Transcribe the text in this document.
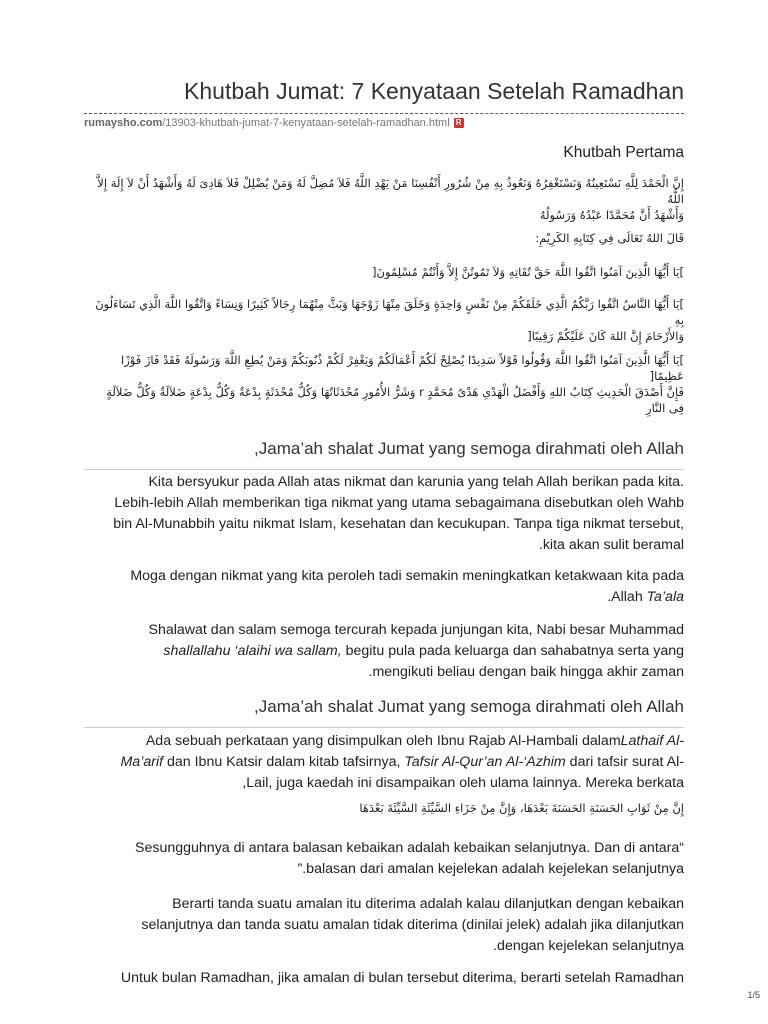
Khutbah Jumat: 7 Kenyataan Setelah Ramadhan
rumaysho.com /13903-khutbah-jumat-7-kenyataan-setelah-ramadhan.html R
Khutbah Pertama

إِنَّ الْحَمْدَ لِلَّهِ نَسْتَعِينُهُ وَنَسْتَغْفِرُهُ وَنَعُوذُ بِهِ مِنْ شُرُورِ أَنْفُسِنَا مَنْ يَهْدِ اللَّهُ فَلاَ مُضِلَّ لَهُ وَمَنْ يُضْلِلْ فَلاَ هَادِىَ لَهُ وَأَشْهَدُ أَنْ لاَ إِلَهَ إِلاَّ اللَّهُ

وَأَشْهَدُ أَنَّ مُحَمَّدًا عَبْدُهُ وَرَسُولُهُ

قَالَ اللهُ تَعَالَى فِي كِتَابِهِ الكَرِيْمِ:

]يَا أَيُّهَا الَّذِينَ آمَنُوا اتَّقُوا اللَّهَ حَقَّ تُقَاتِهِ وَلاَ تَمُوتُنَّ إِلاَّ وَأَنْتُمْ مُسْلِمُونَ[

]يَا أَيُّهَا النَّاسُ اتَّقُوا رَبَّكُمُ الَّذِي خَلَقَكُمْ مِنْ نَفْسٍ وَاحِدَةٍ وَخَلَقَ مِنْهَا زَوْجَهَا وَبَثَّ مِنْهُمَا رِجَالاً كَثِيرًا وَنِسَاءً وَاتَّقُوا اللَّهَ الَّذِي تَسَاءَلُونَ بِهِ

وَالأَرْحَامَ إِنَّ اللهَ كَانَ عَلَيْكُمْ رَقِيبًا[

]يَا أَيُّهَا الَّذِينَ آمَنُوا اتَّقُوا اللَّهَ وَقُولُوا قَوْلاً سَدِيدًا يُصْلِحْ لَكُمْ أَعْمَالَكُمْ وَيَغْفِرْ لَكُمْ ذُنُوبَكُمْ وَمَنْ يُطِعِ اللَّهَ وَرَسُولَهُ فَقَدْ فَازَ فَوْزًا عَظِيمًا[

فَإِنَّ أَصْدَقَ الْحَدِيثِ كِتَابُ اللهِ وَأَفْضَلُ الْهَدْىِ هَدْىُ مُحَمَّدٍ r وَشَرُّ الأُمُورِ مُحْدَثَاتُهَا وَكُلُّ مُحْدَثَةٍ بِدْعَةٌ وَكُلُّ بِدْعَةٍ ضَلاَلَةٌ وَكُلُّ ضَلاَلَةٍ

فِى النَّارِ

,Jama’ah shalat Jumat yang semoga dirahmati oleh Allah

Kita bersyukur pada Allah atas nikmat dan karunia yang telah Allah berikan pada kita.
Lebih-lebih Allah memberikan tiga nikmat yang utama sebagaimana disebutkan oleh Wahb
bin Al-Munabbih yaitu nikmat Islam, kesehatan dan kecukupan. Tanpa tiga nikmat tersebut,
.kita akan sulit beramal

Moga dengan nikmat yang kita peroleh tadi semakin meningkatkan ketakwaan kita pada
.Allah Ta’ala

Shalawat dan salam semoga tercurah kepada junjungan kita, Nabi besar Muhammad
shallallahu ‘alaihi wa sallam, begitu pula pada keluarga dan sahabatnya serta yang
.mengikuti beliau dengan baik hingga akhir zaman

,Jama’ah shalat Jumat yang semoga dirahmati oleh Allah

Ada sebuah perkataan yang disimpulkan oleh Ibnu Rajab Al-Hambali dalamLathaif Al-
Ma’arif dan Ibnu Katsir dalam kitab tafsirnya, Tafsir Al-Qur’an Al-‘Azhim dari tafsir surat Al-
,Lail, juga kaedah ini disampaikan oleh ulama lainnya. Mereka berkata

إِنَّ مِنْ ثَوَابِ الحَسَنَةِ الحَسَنَةَ بَعْدَهَا، وَإِنَّ مِنْ جَزَاءِ السَّيِّئَةِ السَّيِّئَةَ بَعْدَهَا

Sesungguhnya di antara balasan kebaikan adalah kebaikan selanjutnya. Dan di antara“
”.balasan dari amalan kejelekan adalah kejelekan selanjutnya

Berarti tanda suatu amalan itu diterima adalah kalau dilanjutkan dengan kebaikan
selanjutnya dan tanda suatu amalan tidak diterima (dinilai jelek) adalah jika dilanjutkan
.dengan kejelekan selanjutnya

Untuk bulan Ramadhan, jika amalan di bulan tersebut diterima, berarti setelah Ramadhan

1/5
